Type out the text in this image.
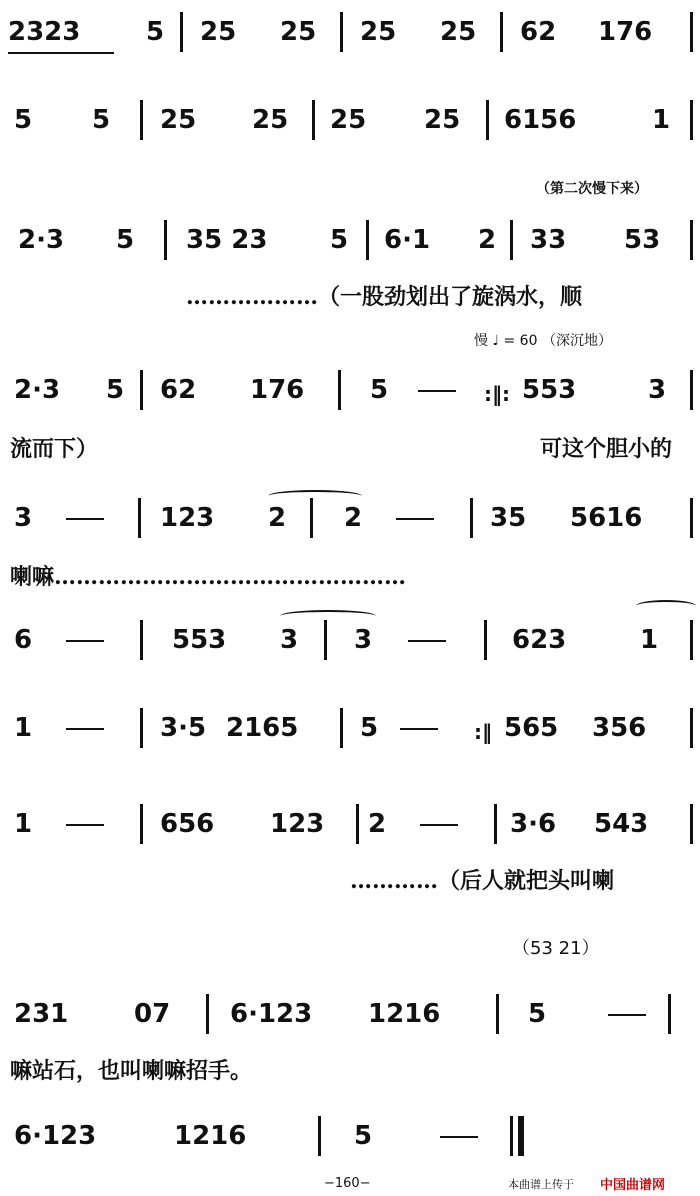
2323	5 25 25 25 25 62 176
5 5 25 25 25 25 6156	1
（第二次慢下来）
2·3 5 35 23 5 6·1 2 33 53
………………（一股劲划出了旋涡水，顺
慢 ♩ = 60 （深沉地）
2·3 5 62 176	5	:‖: 553	3
流而下）	可这个胆小的
3	123 2 2	35 5616
喇嘛…………………………………………
6	553 3 3	623	1
1	3·5 2165 5	:‖ 565 356
1	656 123 2	3·6 543
…………（后人就把头叫喇
（53 21）
231	07 6·123 1216	5
嘛站石，也叫喇嘛招手。
6·123	1216	5
−160−	本曲谱上传于 中国曲谱网
